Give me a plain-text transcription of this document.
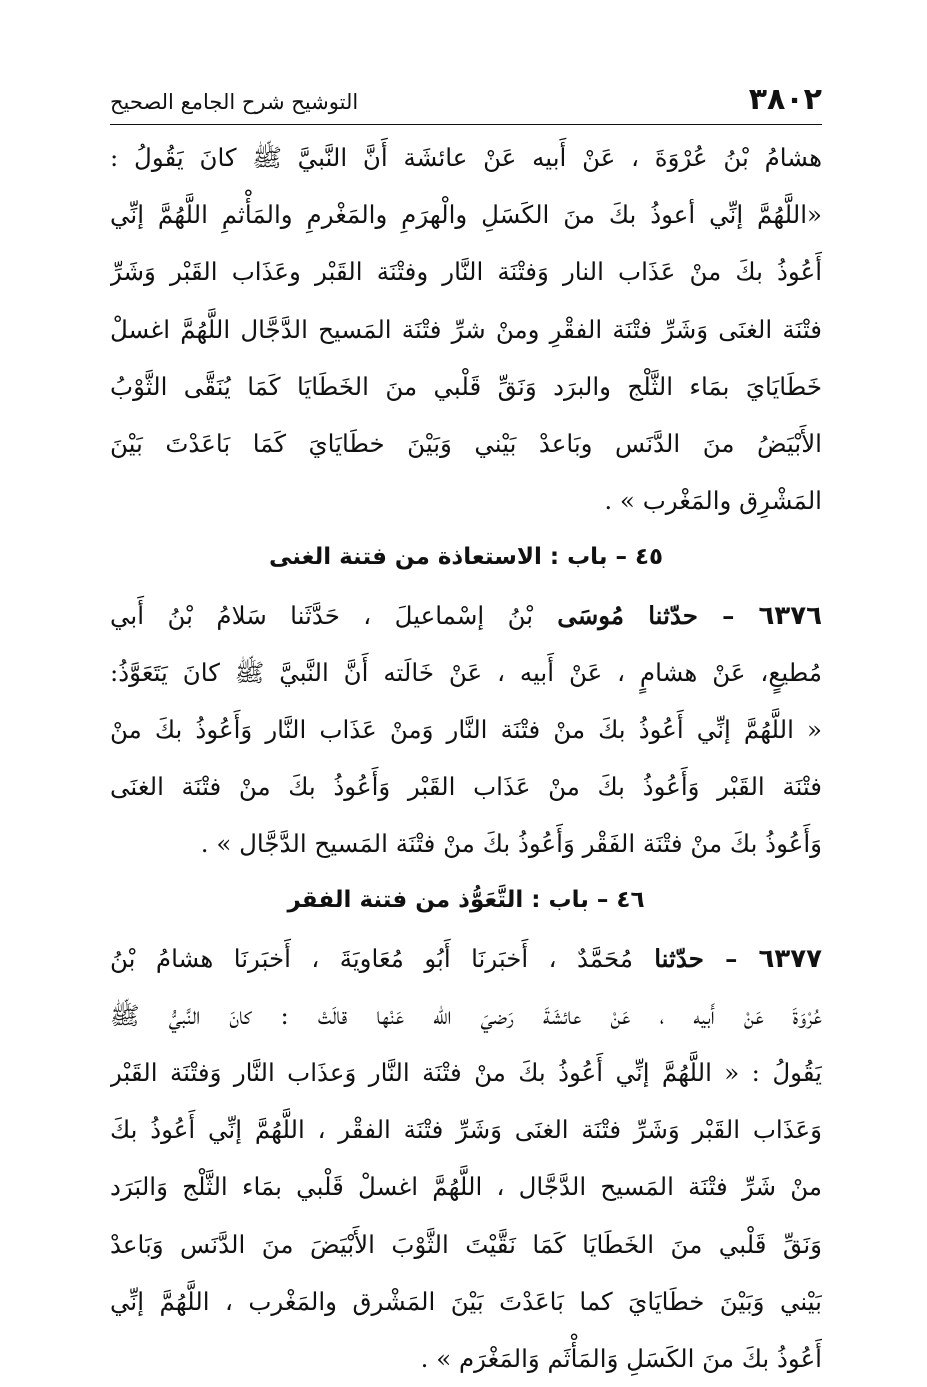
٣٨٠٢
التوشيح شرح الجامع الصحيح
هشامُ بْنُ عُرْوَةَ ، عَنْ أَبيه عَنْ عائشَة أَنَّ النَّبيَّ ﷺ كانَ يَقُولُ :
«اللَّهُمَّ إنِّي أعوذُ بكَ منَ الكَسَلِ والْهرَمِ والمَغْرمِ والمَأْثمِ اللَّهُمَّ إنِّي
أَعُوذُ بكَ منْ عَذَاب النار وَفتْنَة النَّار وفتْنَة القَبْر وعَذَاب القَبْر وَشَرِّ
فتْنَة الغنَى وَشَرِّ فتْنَة الفقْرِ ومنْ شرِّ فتْنَة المَسيح الدَّجَّال اللَّهُمَّ اغسلْ
خَطَايَايَ بمَاء الثَّلْج والبرَد وَنَقِّ قَلْبي منَ الخَطَايَا كَمَا يُنَقَّى الثَّوْبُ
الأَبْيَضُ منَ الدَّنَس وبَاعدْ بَيْني وَبَيْنَ خطَايَايَ كَمَا بَاعَدْتَ بَيْنَ
المَشْرِق والمَغْرب » .
٤٥ – باب : الاستعاذة من فتنة الغنى
٦٣٧٦ – حدّثنا مُوسَى بْنُ إسْماعيلَ ، حَدَّثَنا سَلامُ بْنُ أَبي
مُطيعٍ، عَنْ هشامٍ ، عَنْ أَبيه ، عَنْ خَالَته أَنَّ النَّبيَّ ﷺ كانَ يَتَعَوَّذُ:
« اللَّهُمَّ إنِّي أَعُوذُ بكَ منْ فتْنَة النَّار وَمنْ عَذَاب النَّار وَأَعُوذُ بكَ منْ
فتْنَة القَبْر وَأَعُوذُ بكَ منْ عَذَاب القَبْر وَأَعُوذُ بكَ منْ فتْنَة الغنَى
وَأَعُوذُ بكَ منْ فتْنَة الفَقْر وَأَعُوذُ بكَ منْ فتْنَة المَسيح الدَّجَّال » .
٤٦ – باب : التَّعَوُّذ من فتنة الفقر
٦٣٧٧ – حدّثنا مُحَمَّدٌ ، أَخبَرنَا أَبُو مُعَاويَةَ ، أَخبَرنَا هشامُ بْنُ
عُرْوَةَ عَنْ أَبيه ، عَنْ عائشَةَ رَضيَ الله عَنْها قالَتْ : كانَ النَّبيُّ ﷺ
يَقُولُ : « اللَّهُمَّ إنِّي أَعُوذُ بكَ منْ فتْنَة النَّار وَعذَاب النَّار وَفتْنَة القَبْر
وَعَذَاب القَبْر وَشَرِّ فتْنَة الغنَى وَشَرِّ فتْنَة الفقْر ، اللَّهُمَّ إنِّي أَعُوذُ بكَ
منْ شَرِّ فتْنَة المَسيح الدَّجَّال ، اللَّهُمَّ اغسلْ قَلْبي بمَاء الثَّلْج وَالبَرَد
وَنَقِّ قَلْبي منَ الخَطَايَا كَمَا نَقَّيْتَ الثَّوْبَ الأَبْيَضَ منَ الدَّنَس وَبَاعدْ
بَيْني وَبَيْنَ خطَايَايَ كما بَاعَدْتَ بَيْنَ المَشْرق والمَغْرب ، اللَّهُمَّ إنِّي
أَعُوذُ بكَ منَ الكَسَلِ وَالمَأْثَم وَالمَغْرَم » .
